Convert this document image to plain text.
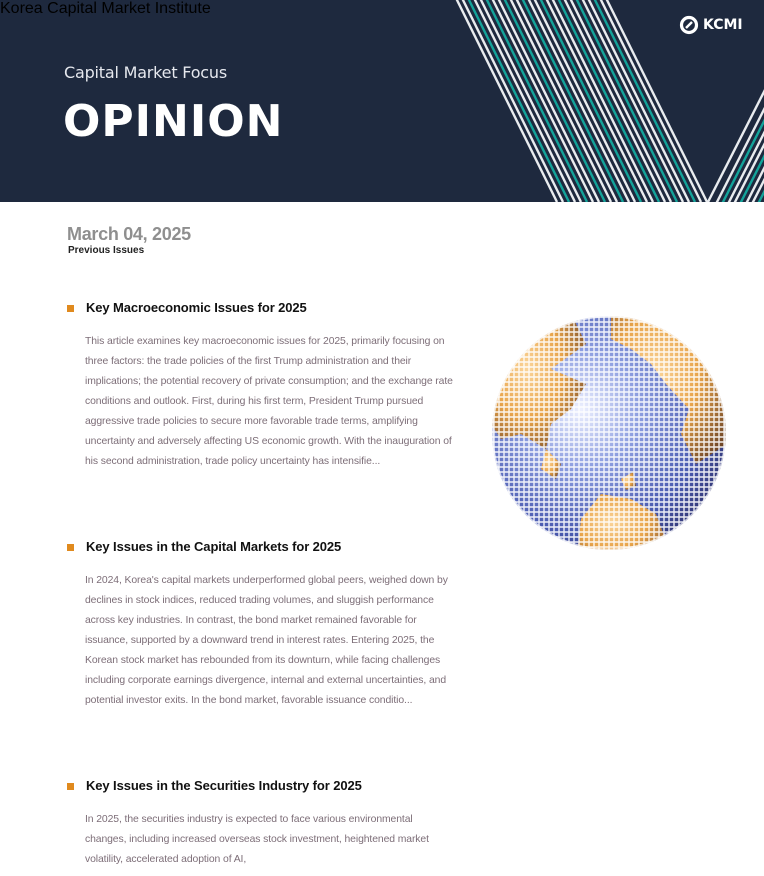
Capital Market Focus
OPINION
KCMI
Korea Capital Market Institute
March 04, 2025
Previous Issues
Key Macroeconomic Issues for 2025
This article examines key macroeconomic issues for 2025, primarily focusing on three factors: the trade policies of the first Trump administration and their implications; the potential recovery of private consumption; and the exchange rate conditions and outlook. First, during his first term, President Trump pursued aggressive trade policies to secure more favorable trade terms, amplifying uncertainty and adversely affecting US economic growth. With the inauguration of his second administration, trade policy uncertainty has intensifie...
Key Issues in the Capital Markets for 2025
In 2024, Korea's capital markets underperformed global peers, weighed down by declines in stock indices, reduced trading volumes, and sluggish performance across key industries. In contrast, the bond market remained favorable for issuance, supported by a downward trend in interest rates. Entering 2025, the Korean stock market has rebounded from its downturn, while facing challenges including corporate earnings divergence, internal and external uncertainties, and potential investor exits. In the bond market, favorable issuance conditio...
Key Issues in the Securities Industry for 2025
In 2025, the securities industry is expected to face various environmental changes, including increased overseas stock investment, heightened market volatility, accelerated adoption of AI,
